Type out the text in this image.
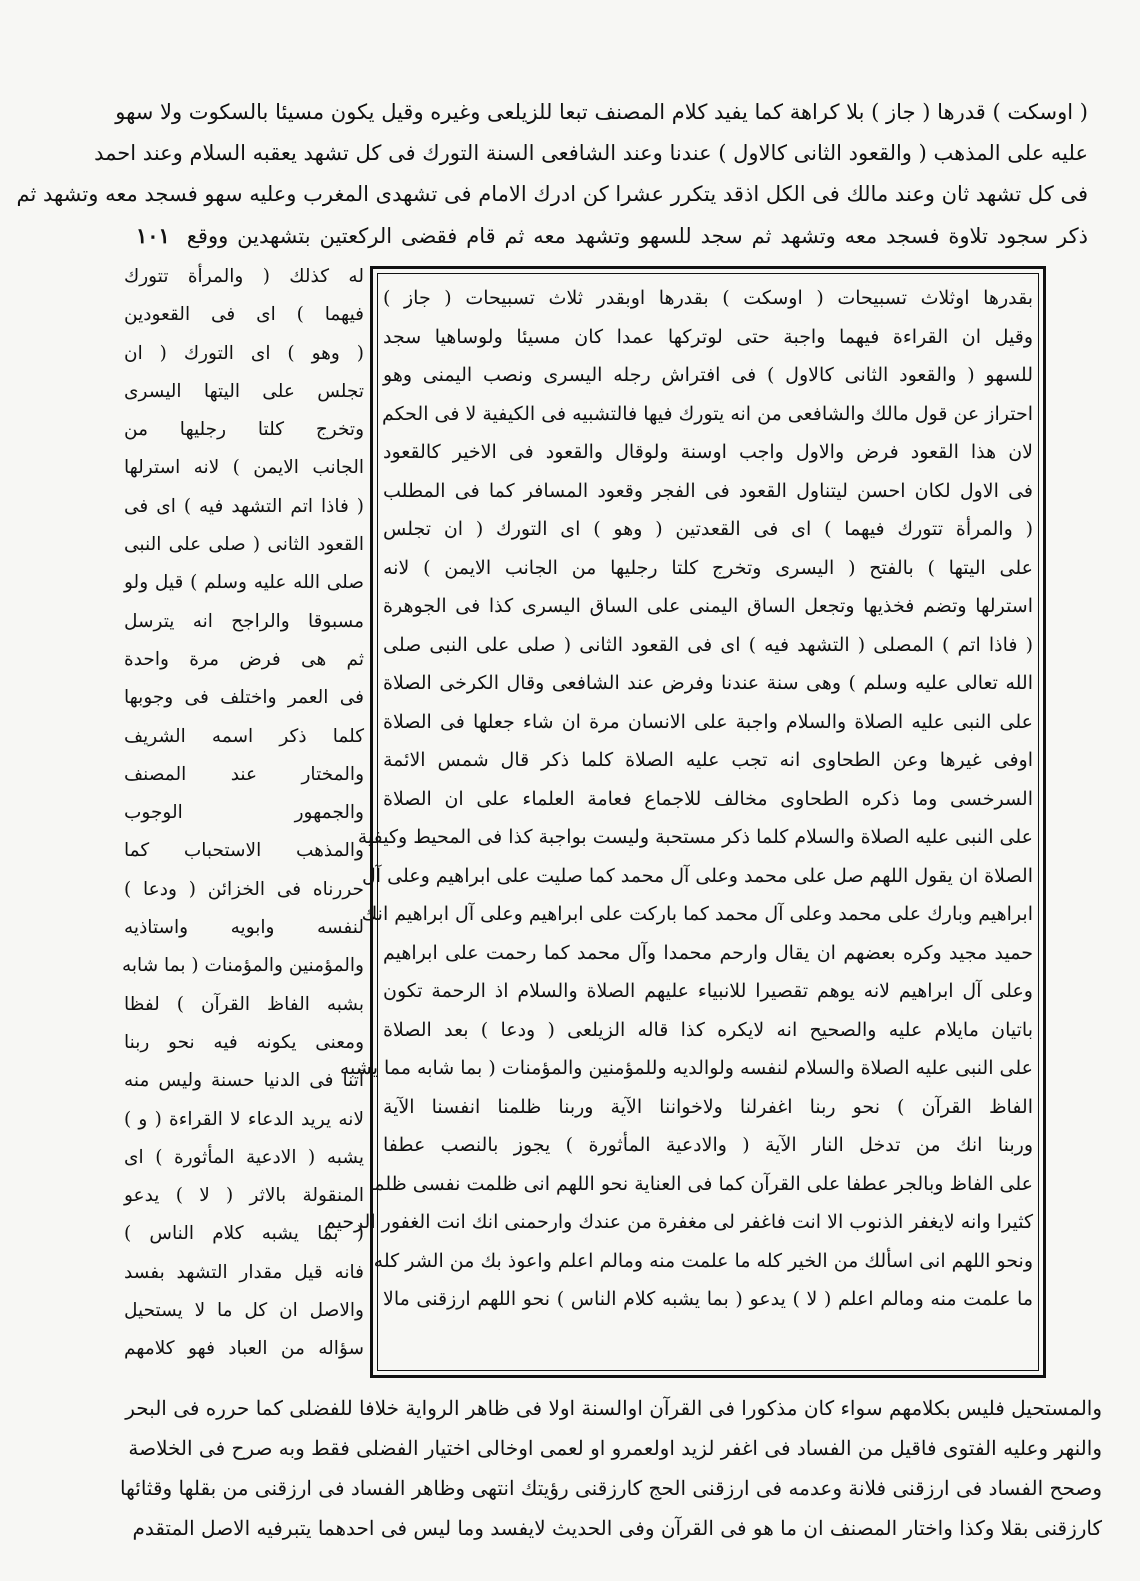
( اوسكت ) قدرها ( جاز ) بلا كراهة كما يفيد كلام المصنف تبعا للزيلعى وغيره وقيل يكون مسيئا بالسكوت ولا سهو
عليه على المذهب ( والقعود الثانى كالاول ) عندنا وعند الشافعى السنة التورك فى كل تشهد يعقبه السلام وعند احمد
فى كل تشهد ثان وعند مالك فى الكل اذقد يتكرر عشرا كن ادرك الامام فى تشهدى المغرب وعليه سهو فسجد معه وتشهد ثم
ذكر سجود تلاوة فسجد معه وتشهد ثم سجد للسهو وتشهد معه ثم قام فقضى الركعتين بتشهدين ووقع ١٠١
له كذلك ( والمرأة تتورك
فيهما ) اى فى القعودين
( وهو ) اى التورك ( ان
تجلس على اليتها اليسرى
وتخرج كلتا رجليها من
الجانب الايمن ) لانه استرلها
( فاذا اتم التشهد فيه ) اى فى
القعود الثانى ( صلى على النبى
صلى الله عليه وسلم ) قيل ولو
مسبوقا والراجح انه يترسل
ثم هى فرض مرة واحدة
فى العمر واختلف فى وجوبها
كلما ذكر اسمه الشريف
والمختار عند المصنف
والجمهور الوجوب
والمذهب الاستحباب كما
حررناه فى الخزائن ( ودعا )
لنفسه وابويه واستاذيه
والمؤمنين والمؤمنات ( بما شابه
بشبه الفاظ القرآن ) لفظا
ومعنى يكونه فيه نحو ربنا
آتنا فى الدنيا حسنة وليس منه
لانه يريد الدعاء لا القراءة ( و )
يشبه ( الادعية المأثورة ) اى
المنقولة بالاثر ( لا ) يدعو
( بما يشبه كلام الناس )
فانه قيل مقدار التشهد بفسد
والاصل ان كل ما لا يستحيل
سؤاله من العباد فهو كلامهم
بقدرها اوثلاث تسبيحات ( اوسكت ) بقدرها اوبقدر ثلاث تسبيحات ( جاز )
وقيل ان القراءة فيهما واجبة حتى لوتركها عمدا كان مسيئا ولوساهيا سجد
للسهو ( والقعود الثانى كالاول ) فى افتراش رجله اليسرى ونصب اليمنى وهو
احتراز عن قول مالك والشافعى من انه يتورك فيها فالتشبيه فى الكيفية لا فى الحكم
لان هذا القعود فرض والاول واجب اوسنة ولوقال والقعود فى الاخير كالقعود
فى الاول لكان احسن ليتناول القعود فى الفجر وقعود المسافر كما فى المطلب
( والمرأة تتورك فيهما ) اى فى القعدتين ( وهو ) اى التورك ( ان تجلس
على اليتها ) بالفتح ( اليسرى وتخرج كلتا رجليها من الجانب الايمن ) لانه
استرلها وتضم فخذيها وتجعل الساق اليمنى على الساق اليسرى كذا فى الجوهرة
( فاذا اتم ) المصلى ( التشهد فيه ) اى فى القعود الثانى ( صلى على النبى صلى
الله تعالى عليه وسلم ) وهى سنة عندنا وفرض عند الشافعى وقال الكرخى الصلاة
على النبى عليه الصلاة والسلام واجبة على الانسان مرة ان شاء جعلها فى الصلاة
اوفى غيرها وعن الطحاوى انه تجب عليه الصلاة كلما ذكر قال شمس الائمة
السرخسى وما ذكره الطحاوى مخالف للاجماع فعامة العلماء على ان الصلاة
على النبى عليه الصلاة والسلام كلما ذكر مستحبة وليست بواجبة كذا فى المحيط وكيفية
الصلاة ان يقول اللهم صل على محمد وعلى آل محمد كما صليت على ابراهيم وعلى آل
ابراهيم وبارك على محمد وعلى آل محمد كما باركت على ابراهيم وعلى آل ابراهيم انك
حميد مجيد وكره بعضهم ان يقال وارحم محمدا وآل محمد كما رحمت على ابراهيم
وعلى آل ابراهيم لانه يوهم تقصيرا للانبياء عليهم الصلاة والسلام اذ الرحمة تكون
باتيان مايلام عليه والصحيح انه لايكره كذا قاله الزيلعى ( ودعا ) بعد الصلاة
على النبى عليه الصلاة والسلام لنفسه ولوالديه وللمؤمنين والمؤمنات ( بما شابه مما يشبه
الفاظ القرآن ) نحو ربنا اغفرلنا ولاخواننا الآية وربنا ظلمنا انفسنا الآية
وربنا انك من تدخل النار الآية ( والادعية المأثورة ) يجوز بالنصب عطفا
على الفاظ وبالجر عطفا على القرآن كما فى العناية نحو اللهم انى ظلمت نفسى ظلما
كثيرا وانه لايغفر الذنوب الا انت فاغفر لى مغفرة من عندك وارحمنى انك انت الغفور الرحيم
ونحو اللهم انى اسألك من الخير كله ما علمت منه ومالم اعلم واعوذ بك من الشر كله
ما علمت منه ومالم اعلم ( لا ) يدعو ( بما يشبه كلام الناس ) نحو اللهم ارزقنى مالا
والمستحيل فليس بكلامهم سواء كان مذكورا فى القرآن اوالسنة اولا فى ظاهر الرواية خلافا للفضلى كما حرره فى البحر
والنهر وعليه الفتوى فاقيل من الفساد فى اغفر لزيد اولعمرو او لعمى اوخالى اختيار الفضلى فقط وبه صرح فى الخلاصة
وصحح الفساد فى ارزقنى فلانة وعدمه فى ارزقنى الحج كارزقنى رؤيتك انتهى وظاهر الفساد فى ارزقنى من بقلها وقثائها
كارزقنى بقلا وكذا واختار المصنف ان ما هو فى القرآن وفى الحديث لايفسد وما ليس فى احدهما يتبرفيه الاصل المتقدم
